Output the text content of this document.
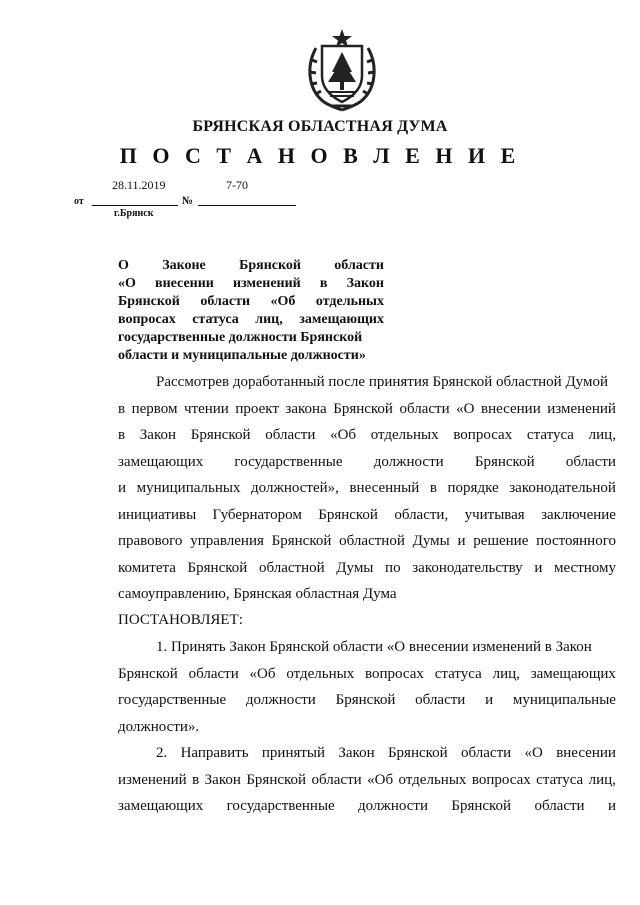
БРЯНСКАЯ ОБЛАСТНАЯ ДУМА
П О С Т А Н О В Л Е Н И Е
28.11.2019	7-70
от	№
г.Брянск
О Законе Брянской области
«О внесении изменений в Закон
Брянской области «Об отдельных
вопросах статуса лиц, замещающих
государственные должности Брянской
области и муниципальные должности»
Рассмотрев доработанный после принятия Брянской областной Думой
в первом чтении проект закона Брянской области «О внесении изменений
в Закон Брянской области «Об отдельных вопросах статуса лиц,
замещающих государственные должности Брянской области
и муниципальных должностей», внесенный в порядке законодательной
инициативы Губернатором Брянской области, учитывая заключение
правового управления Брянской областной Думы и решение постоянного
комитета Брянской областной Думы по законодательству и местному
самоуправлению, Брянская областная Дума
ПОСТАНОВЛЯЕТ:
1. Принять Закон Брянской области «О внесении изменений в Закон
Брянской области «Об отдельных вопросах статуса лиц, замещающих
государственные должности Брянской области и муниципальные
должности».
2. Направить принятый Закон Брянской области «О внесении
изменений в Закон Брянской области «Об отдельных вопросах статуса лиц,
замещающих государственные должности Брянской области и
